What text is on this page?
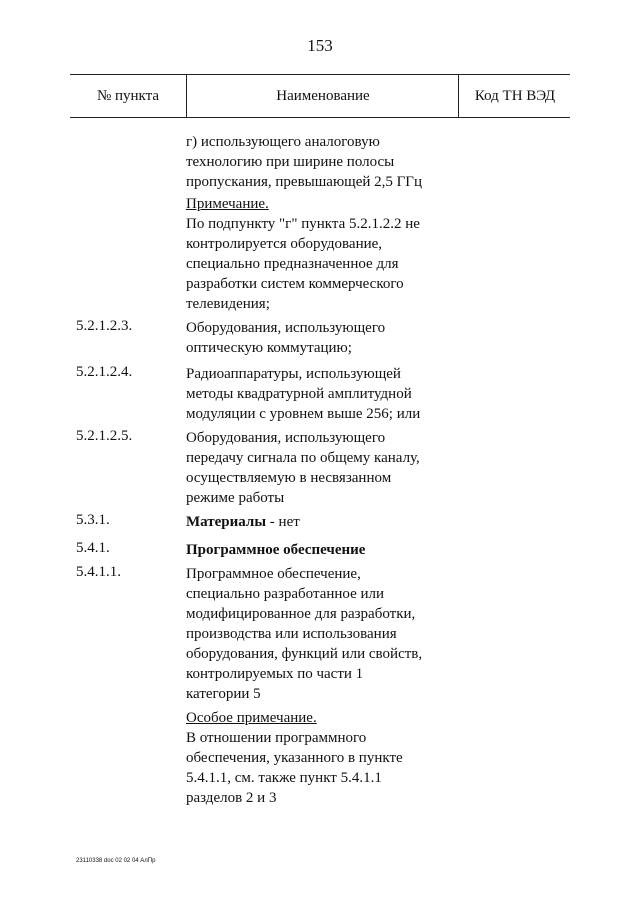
153
№ пункта	Наименование	Код ТН ВЭД
г) использующего аналоговую
технологию при ширине полосы
пропускания, превышающей 2,5 ГГц
Примечание.
По подпункту "г" пункта 5.2.1.2.2 не
контролируется оборудование,
специально предназначенное для
разработки систем коммерческого
телевидения;
5.2.1.2.3.	Оборудования, использующего
оптическую коммутацию;
5.2.1.2.4.	Радиоаппаратуры, использующей
методы квадратурной амплитудной
модуляции с уровнем выше 256; или
5.2.1.2.5.	Оборудования, использующего
передачу сигнала по общему каналу,
осуществляемую в несвязанном
режиме работы
5.3.1.	Материалы - нет
5.4.1.	Программное обеспечение
5.4.1.1.	Программное обеспечение,
специально разработанное или
модифицированное для разработки,
производства или использования
оборудования, функций или свойств,
контролируемых по части 1
категории 5
Особое примечание.
В отношении программного
обеспечения, указанного в пункте
5.4.1.1, см. также пункт 5.4.1.1
разделов 2 и 3
23110338 doc 02 02 04 АлПр
